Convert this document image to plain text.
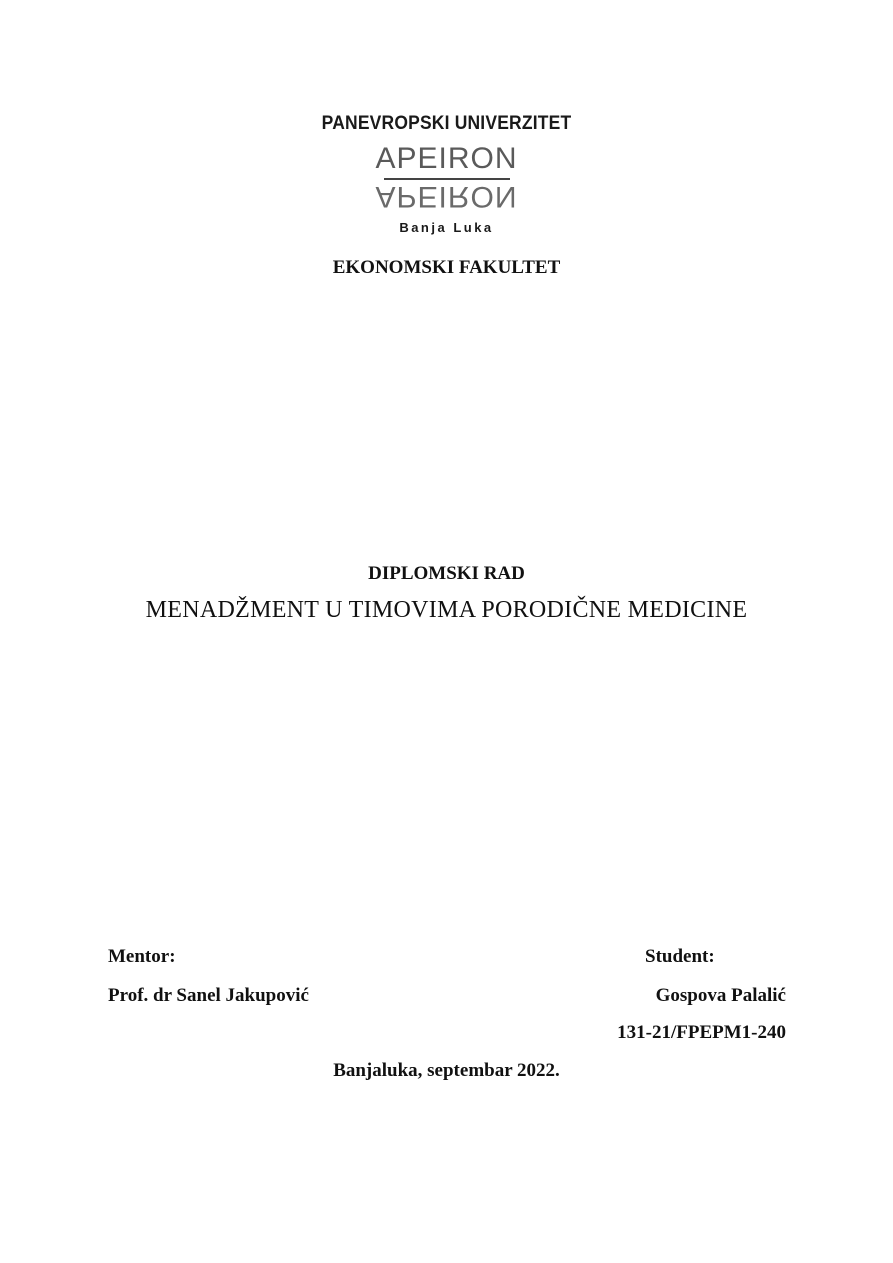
PANEVROPSKI UNIVERZITET
APEIRON
APEIRON
Banja Luka
EKONOMSKI FAKULTET
DIPLOMSKI RAD
MENADŽMENT U TIMOVIMA PORODIČNE MEDICINE
Mentor:
Prof. dr Sanel Jakupović
Student:
Gospova Palalić
131-21/FPEPM1-240
Banjaluka, septembar 2022.
